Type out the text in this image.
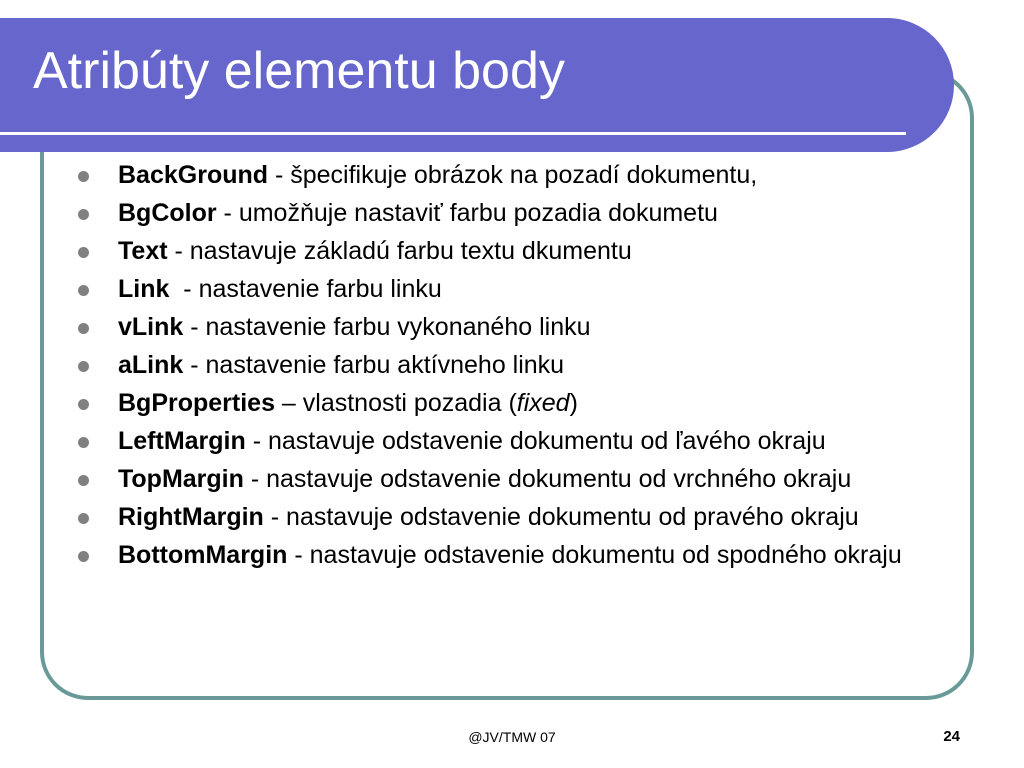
Atribúty elementu body
BackGround - špecifikuje obrázok na pozadí dokumentu,
BgColor - umožňuje nastaviť farbu pozadia dokumetu
Text - nastavuje základú farbu textu dkumentu
Link  - nastavenie farbu linku
vLink - nastavenie farbu vykonaného linku
aLink - nastavenie farbu aktívneho linku
BgProperties – vlastnosti pozadia (fixed)
LeftMargin - nastavuje odstavenie dokumentu od ľavého okraju
TopMargin - nastavuje odstavenie dokumentu od vrchného okraju
RightMargin - nastavuje odstavenie dokumentu od pravého okraju
BottomMargin - nastavuje odstavenie dokumentu od spodného okraju
@JV/TMW 07	24
